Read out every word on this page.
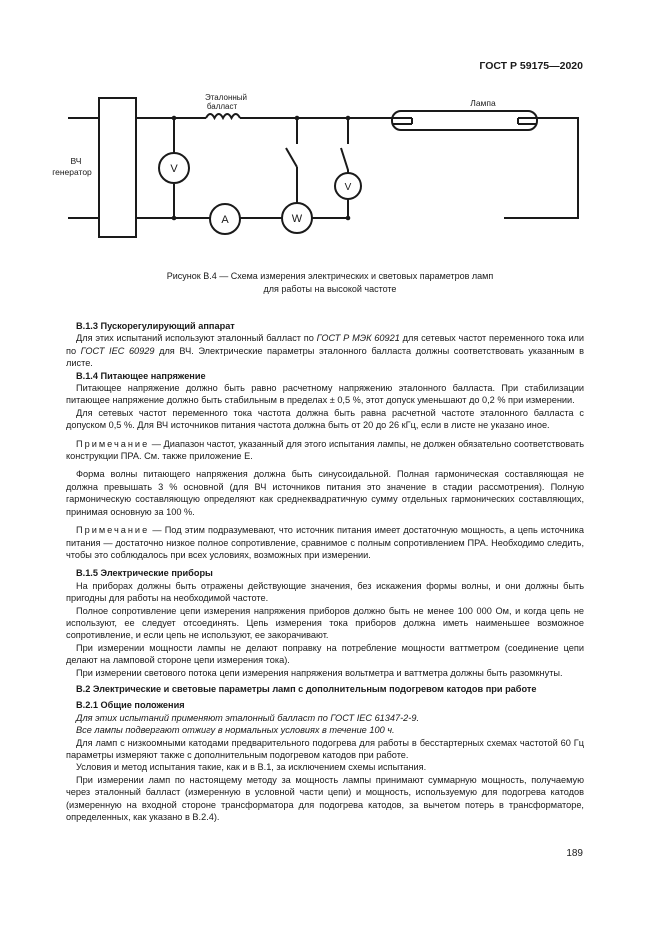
ГОСТ Р 59175—2020
V
A	W
V
ВЧ
генератор
Эталонный
балласт	Лампа
Рисунок В.4 — Схема измерения электрических и световых параметров ламп
для работы на высокой частоте

В.1.3 Пускорегулирующий аппарат

Для этих испытаний используют эталонный балласт по ГОСТ Р МЭК 60921 для сетевых частот переменного тока или по ГОСТ IEC 60929 для ВЧ. Электрические параметры эталонного балласта должны соответствовать указанным в листе.

В.1.4 Питающее напряжение

Питающее напряжение должно быть равно расчетному напряжению эталонного балласта. При стабилизации питающее напряжение должно быть стабильным в пределах ± 0,5 %, этот допуск уменьшают до 0,2 % при измерении.

Для сетевых частот переменного тока частота должна быть равна расчетной частоте эталонного балласта с допуском 0,5 %. Для ВЧ источников питания частота должна быть от 20 до 26 кГц, если в листе не указано иное.

Примечание — Диапазон частот, указанный для этого испытания лампы, не должен обязательно соответствовать конструкции ПРА. См. также приложение Е.

Форма волны питающего напряжения должна быть синусоидальной. Полная гармоническая составляющая не должна превышать 3 % основной (для ВЧ источников питания это значение в стадии рассмотрения). Полную гармоническую составляющую определяют как среднеквадратичную сумму отдельных гармонических составляющих, принимая основную за 100 %.

Примечание — Под этим подразумевают, что источник питания имеет достаточную мощность, а цепь источника питания — достаточно низкое полное сопротивление, сравнимое с полным сопротивлением ПРА. Необходимо следить, чтобы это соблюдалось при всех условиях, возможных при измерении.

В.1.5 Электрические приборы

На приборах должны быть отражены действующие значения, без искажения формы волны, и они должны быть пригодны для работы на необходимой частоте.

Полное сопротивление цепи измерения напряжения приборов должно быть не менее 100 000 Ом, и когда цепь не используют, ее следует отсоединять. Цепь измерения тока приборов должна иметь наименьшее возможное сопротивление, и если цепь не используют, ее закорачивают.

При измерении мощности лампы не делают поправку на потребление мощности ваттметром (соединение цепи делают на ламповой стороне цепи измерения тока).

При измерении светового потока цепи измерения напряжения вольтметра и ваттметра должны быть разомкнуты.

В.2 Электрические и световые параметры ламп с дополнительным подогревом катодов при работе

В.2.1 Общие положения

Для этих испытаний применяют эталонный балласт по ГОСТ IEC 61347-2-9.

Все лампы подвергают отжигу в нормальных условиях в течение 100 ч.

Для ламп с низкоомными катодами предварительного подогрева для работы в бесстартерных схемах частотой 60 Гц параметры измеряют также с дополнительным подогревом катодов при работе.

Условия и метод испытания такие, как и в В.1, за исключением схемы испытания.

При измерении ламп по настоящему методу за мощность лампы принимают суммарную мощность, получаемую через эталонный балласт (измеренную в условной части цепи) и мощность, используемую для подогрева катодов (измеренную на входной стороне трансформатора для подогрева катодов, за вычетом потерь в трансформаторе, определенных, как указано в В.2.4).

189
